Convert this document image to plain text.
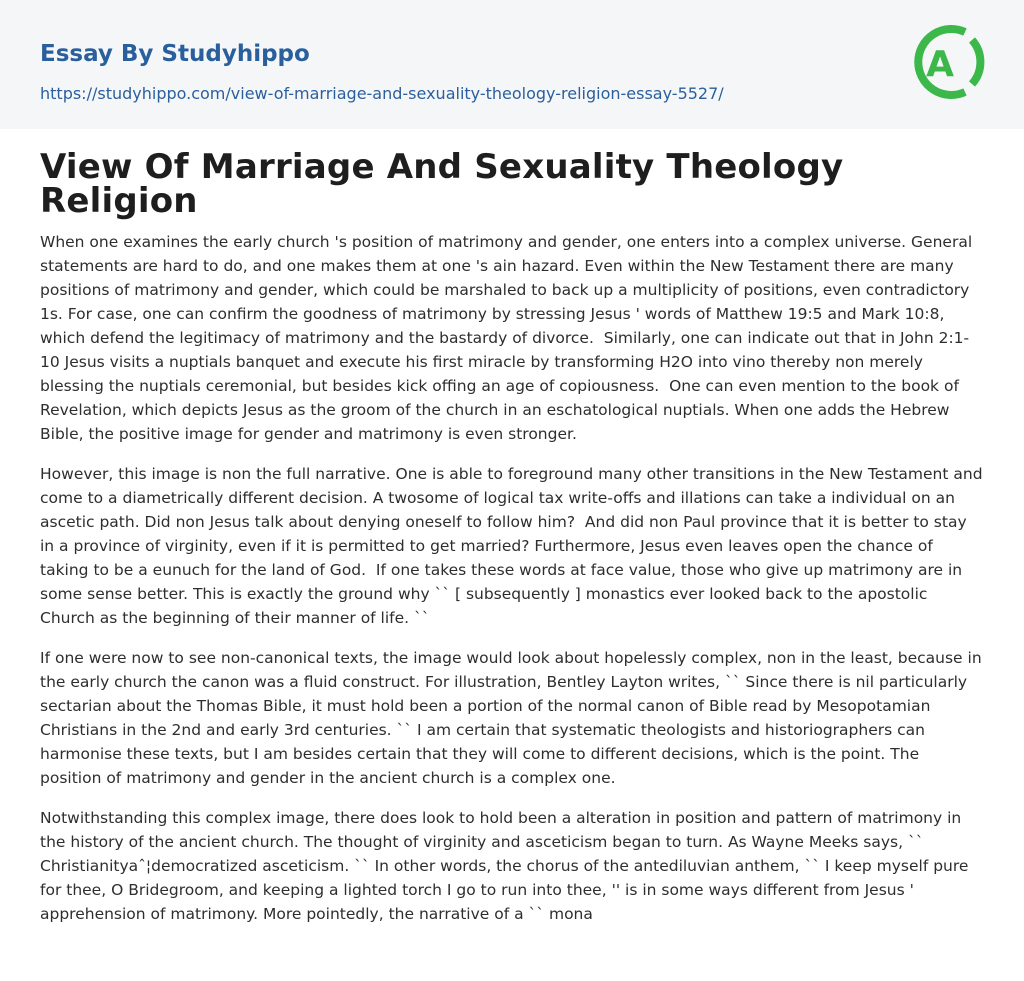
Essay By Studyhippo
https://studyhippo.com/view-of-marriage-and-sexuality-theology-religion-essay-5527/
A
View Of Marriage And Sexuality Theology Religion

When one examines the early church 's position of matrimony and gender, one enters into a complex universe. General statements are hard to do, and one makes them at one 's ain hazard. Even within the New Testament there are many positions of matrimony and gender, which could be marshaled to back up a multiplicity of positions, even contradictory 1s. For case, one can confirm the goodness of matrimony by stressing Jesus ' words of Matthew 19:5 and Mark 10:8, which defend the legitimacy of matrimony and the bastardy of divorce.  Similarly, one can indicate out that in John 2:1-10 Jesus visits a nuptials banquet and execute his first miracle by transforming H2O into vino thereby non merely blessing the nuptials ceremonial, but besides kick offing an age of copiousness.  One can even mention to the book of Revelation, which depicts Jesus as the groom of the church in an eschatological nuptials. When one adds the Hebrew Bible, the positive image for gender and matrimony is even stronger.

However, this image is non the full narrative. One is able to foreground many other transitions in the New Testament and come to a diametrically different decision. A twosome of logical tax write-offs and illations can take a individual on an ascetic path. Did non Jesus talk about denying oneself to follow him?  And did non Paul province that it is better to stay in a province of virginity, even if it is permitted to get married? Furthermore, Jesus even leaves open the chance of taking to be a eunuch for the land of God.  If one takes these words at face value, those who give up matrimony are in some sense better. This is exactly the ground why `` [ subsequently ] monastics ever looked back to the apostolic Church as the beginning of their manner of life. ``

If one were now to see non-canonical texts, the image would look about hopelessly complex, non in the least, because in the early church the canon was a fluid construct. For illustration, Bentley Layton writes, `` Since there is nil particularly sectarian about the Thomas Bible, it must hold been a portion of the normal canon of Bible read by Mesopotamian Christians in the 2nd and early 3rd centuries. `` I am certain that systematic theologists and historiographers can harmonise these texts, but I am besides certain that they will come to different decisions, which is the point. The position of matrimony and gender in the ancient church is a complex one.

Notwithstanding this complex image, there does look to hold been a alteration in position and pattern of matrimony in the history of the ancient church. The thought of virginity and asceticism began to turn. As Wayne Meeks says, `` Christianityaˆ¦democratized asceticism. `` In other words, the chorus of the antediluvian anthem, `` I keep myself pure for thee, O Bridegroom, and keeping a lighted torch I go to run into thee, '' is in some ways different from Jesus ' apprehension of matrimony. More pointedly, the narrative of a `` mona
